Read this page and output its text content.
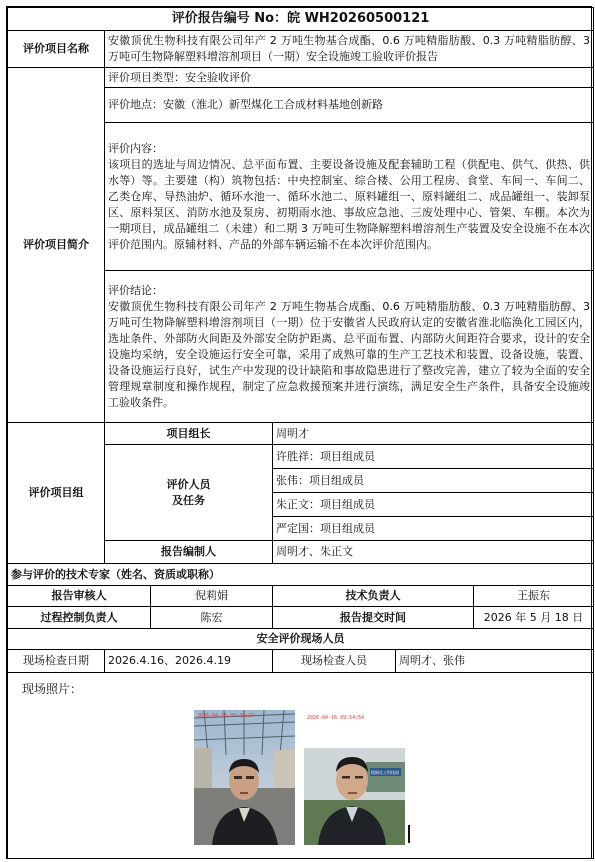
评价报告编号 No：皖 WH20260500121					
评价项目名称	安徽顶优生物科技有限公司年产 2 万吨生物基合成酯、0.6 万吨精脂肪酸、0.3 万吨精脂肪醇、3 万吨可生物降解塑料增溶剂项目（一期）安全设施竣工验收评价报告				
评价项目简介	评价项目类型：安全验收评价				
	评价地点：安徽（淮北）新型煤化工合成材料基地创新路				

	评价内容：
该项目的选址与周边情况、总平面布置、主要设备设施及配套辅助工程（供配电、供气、供热、供水等）等。主要建（构）筑物包括：中央控制室、综合楼、公用工程房、食堂、车间一、车间二、乙类仓库、导热油炉、循环水池一、循环水池二、原料罐组一、原料罐组二、成品罐组一、装卸泵区、原料泵区、消防水池及泵房、初期雨水池、事故应急池、三废处理中心、管架、车棚。本次为一期项目，成品罐组二（未建）和二期 3 万吨可生物降解塑料增溶剂生产装置及安全设施不在本次评价范围内。原辅材料、产品的外部车辆运输不在本次评价范围内。				

	评价结论：
安徽顶优生物科技有限公司年产 2 万吨生物基合成酯、0.6 万吨精脂肪酸、0.3 万吨精脂肪醇、3 万吨可生物降解塑料增溶剂项目（一期）位于安徽省人民政府认定的安徽省淮北临涣化工园区内，选址条件、外部防火间距及外部安全防护距离、总平面布置、内部防火间距符合要求，设计的安全设施均采纳，安全设施运行安全可靠，采用了成熟可靠的生产工艺技术和装置、设备设施，装置、设备设施运行良好，试生产中发现的设计缺陷和事故隐患进行了整改完善，建立了较为全面的安全管理规章制度和操作规程，制定了应急救援预案并进行演练，满足安全生产条件，具备安全设施竣工验收条件。				
评价项目组	项目组长		周明才		

	评价人员
及任务		许胜祥：项目组成员		
			张伟：项目组成员		
			朱正文：项目组成员		
			严定国：项目组成员		
	报告编制人		周明才、朱正文		
参与评价的技术专家（姓名、资质或职称）					
报告审核人		倪莉娟	技术负责人		王振东
过程控制负责人		陈宏	报告提交时间		2026 年 5 月 18 日
安全评价现场人员					
现场检查日期	2026.4.16、2026.4.19		现场检查人员	周明才、张伟	

现场照片：
2026-04-16 09:48:27
精细化工科技园
2026-04-16 09:54:54					
